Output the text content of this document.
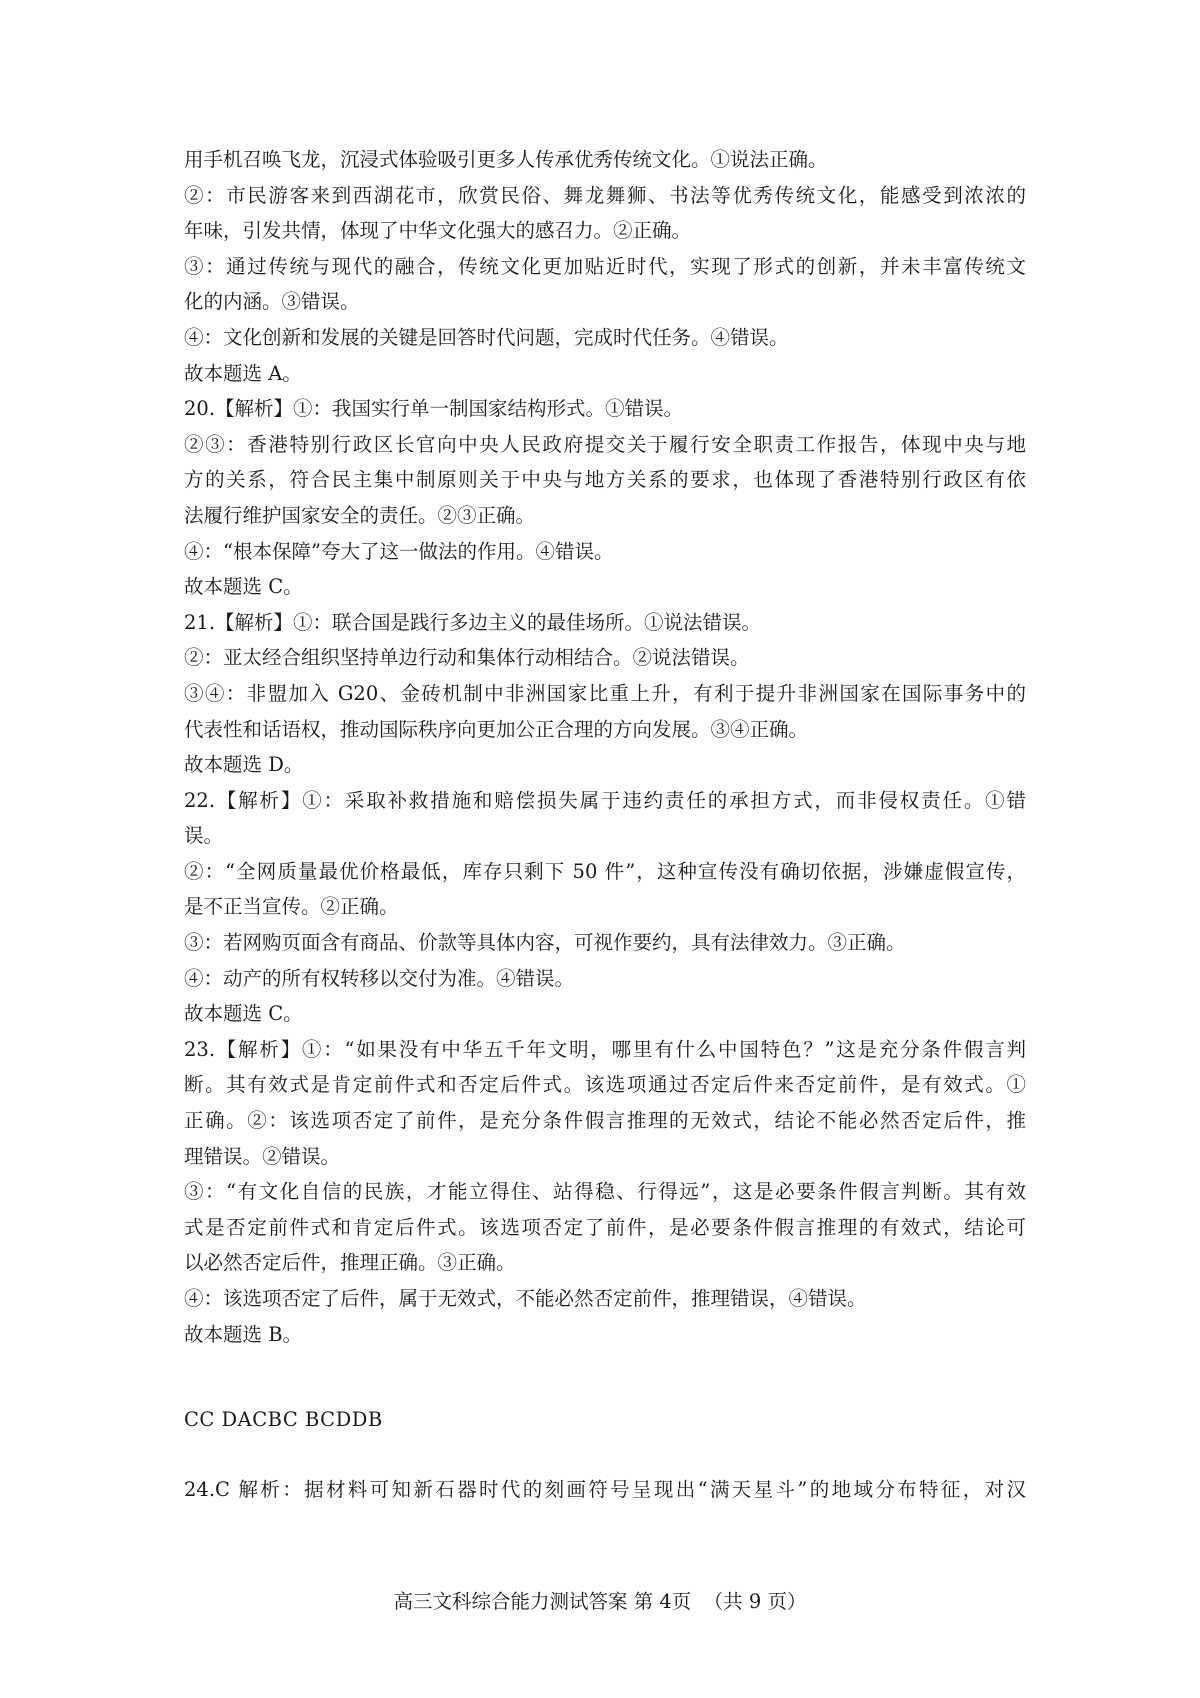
用手机召唤飞龙，沉浸式体验吸引更多人传承优秀传统文化。①说法正确。
②：市民游客来到西湖花市，欣赏民俗、舞龙舞狮、书法等优秀传统文化，能感受到浓浓的
年味，引发共情，体现了中华文化强大的感召力。②正确。
③：通过传统与现代的融合，传统文化更加贴近时代，实现了形式的创新，并未丰富传统文
化的内涵。③错误。
④：文化创新和发展的关键是回答时代问题，完成时代任务。④错误。
故本题选 A。
20.【解析】①：我国实行单一制国家结构形式。①错误。
②③：香港特别行政区长官向中央人民政府提交关于履行安全职责工作报告，体现中央与地
方的关系，符合民主集中制原则关于中央与地方关系的要求，也体现了香港特别行政区有依
法履行维护国家安全的责任。②③正确。
④：“根本保障”夸大了这一做法的作用。④错误。
故本题选 C。
21.【解析】①：联合国是践行多边主义的最佳场所。①说法错误。
②：亚太经合组织坚持单边行动和集体行动相结合。②说法错误。
③④：非盟加入 G20、金砖机制中非洲国家比重上升，有利于提升非洲国家在国际事务中的
代表性和话语权，推动国际秩序向更加公正合理的方向发展。③④正确。
故本题选 D。
22.【解析】①：采取补救措施和赔偿损失属于违约责任的承担方式，而非侵权责任。①错
误。
②：“全网质量最优价格最低，库存只剩下 50 件”，这种宣传没有确切依据，涉嫌虚假宣传，
是不正当宣传。②正确。
③：若网购页面含有商品、价款等具体内容，可视作要约，具有法律效力。③正确。
④：动产的所有权转移以交付为准。④错误。
故本题选 C。
23.【解析】①：“如果没有中华五千年文明，哪里有什么中国特色？”这是充分条件假言判
断。其有效式是肯定前件式和否定后件式。该选项通过否定后件来否定前件，是有效式。①
正确。②：该选项否定了前件，是充分条件假言推理的无效式，结论不能必然否定后件，推
理错误。②错误。
③：“有文化自信的民族，才能立得住、站得稳、行得远”，这是必要条件假言判断。其有效
式是否定前件式和肯定后件式。该选项否定了前件，是必要条件假言推理的有效式，结论可
以必然否定后件，推理正确。③正确。
④：该选项否定了后件，属于无效式，不能必然否定前件，推理错误，④错误。
故本题选 B。
CC DACBC BCDDB
24.C 解析：据材料可知新石器时代的刻画符号呈现出“满天星斗”的地域分布特征，对汉
高三文科综合能力测试答案 第 4页  （共 9 页）
